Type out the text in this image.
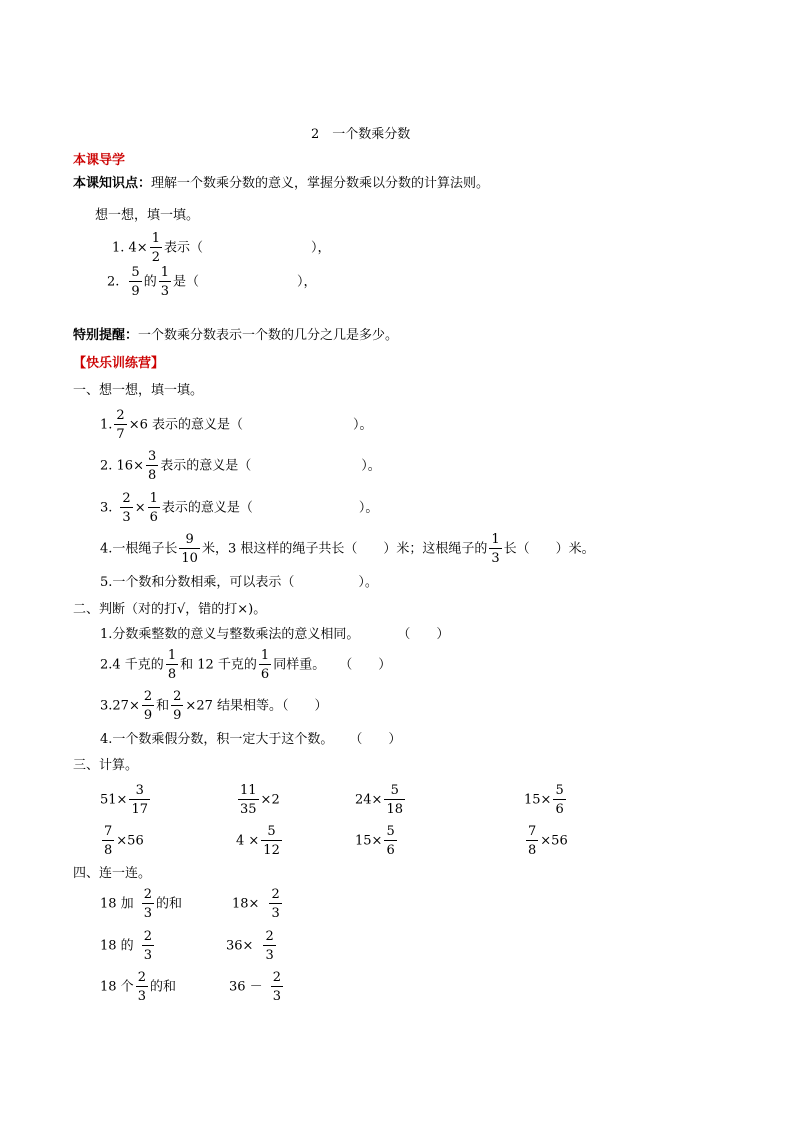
2　一个数乘分数
本课导学
本课知识点：理解一个数乘分数的意义，掌握分数乘以分数的计算法则。
想一想，填一填。
1. $4\times \frac{1}{2}$ 表示（	），
2. $\frac{5}{9}$ 的 $\frac{1}{3}$ 是（	），
特别提醒：一个数乘分数表示一个数的几分之几是多少。
【快乐训练营】
一、想一想，填一填。
1. $\frac{2}{7} \times 6$ 表示的意义是（	）。
2. $16\times \frac{3}{8}$ 表示的意义是（	）。
3. $\frac{2}{3} \times \frac{1}{6}$ 表示的意义是（	）。
4.一根绳子长 $\frac{9}{10}$ 米，3 根这样的绳子共长（　　）米；这根绳子的 $\frac{1}{3}$ 长（　　）米。
5.一个数和分数相乘，可以表示（	）。
二、判断（对的打√，错的打×)。
1.分数乘整数的意义与整数乘法的意义相同。	（　　）
2.4 千克的 $\frac{1}{8}$ 和 12 千克的 $\frac{1}{6}$ 同样重。 （　　）
$3.27\times \frac{2}{9}$ 和 $\frac{2}{9} \times 27$ 结果相等。（　　）
4.一个数乘假分数，积一定大于这个数。 （　　）
三、计算。
$51\times \frac{3}{17}$	$\frac{11}{35} \times 2$	$24\times \frac{5}{18}$	$15\times \frac{5}{6}$
$\frac{7}{8} \times 56$	$4 \times \frac{5}{12}$	$15\times \frac{5}{6}$	$\frac{7}{8} \times 56$
四、连一连。
18 加 $\frac{2}{3}$ 的和
18 的 $\frac{2}{3}$
18 个 $\frac{2}{3}$ 的和
$18\times \frac{2}{3}$
$36\times \frac{2}{3}$
$36 - \frac{2}{3}$
